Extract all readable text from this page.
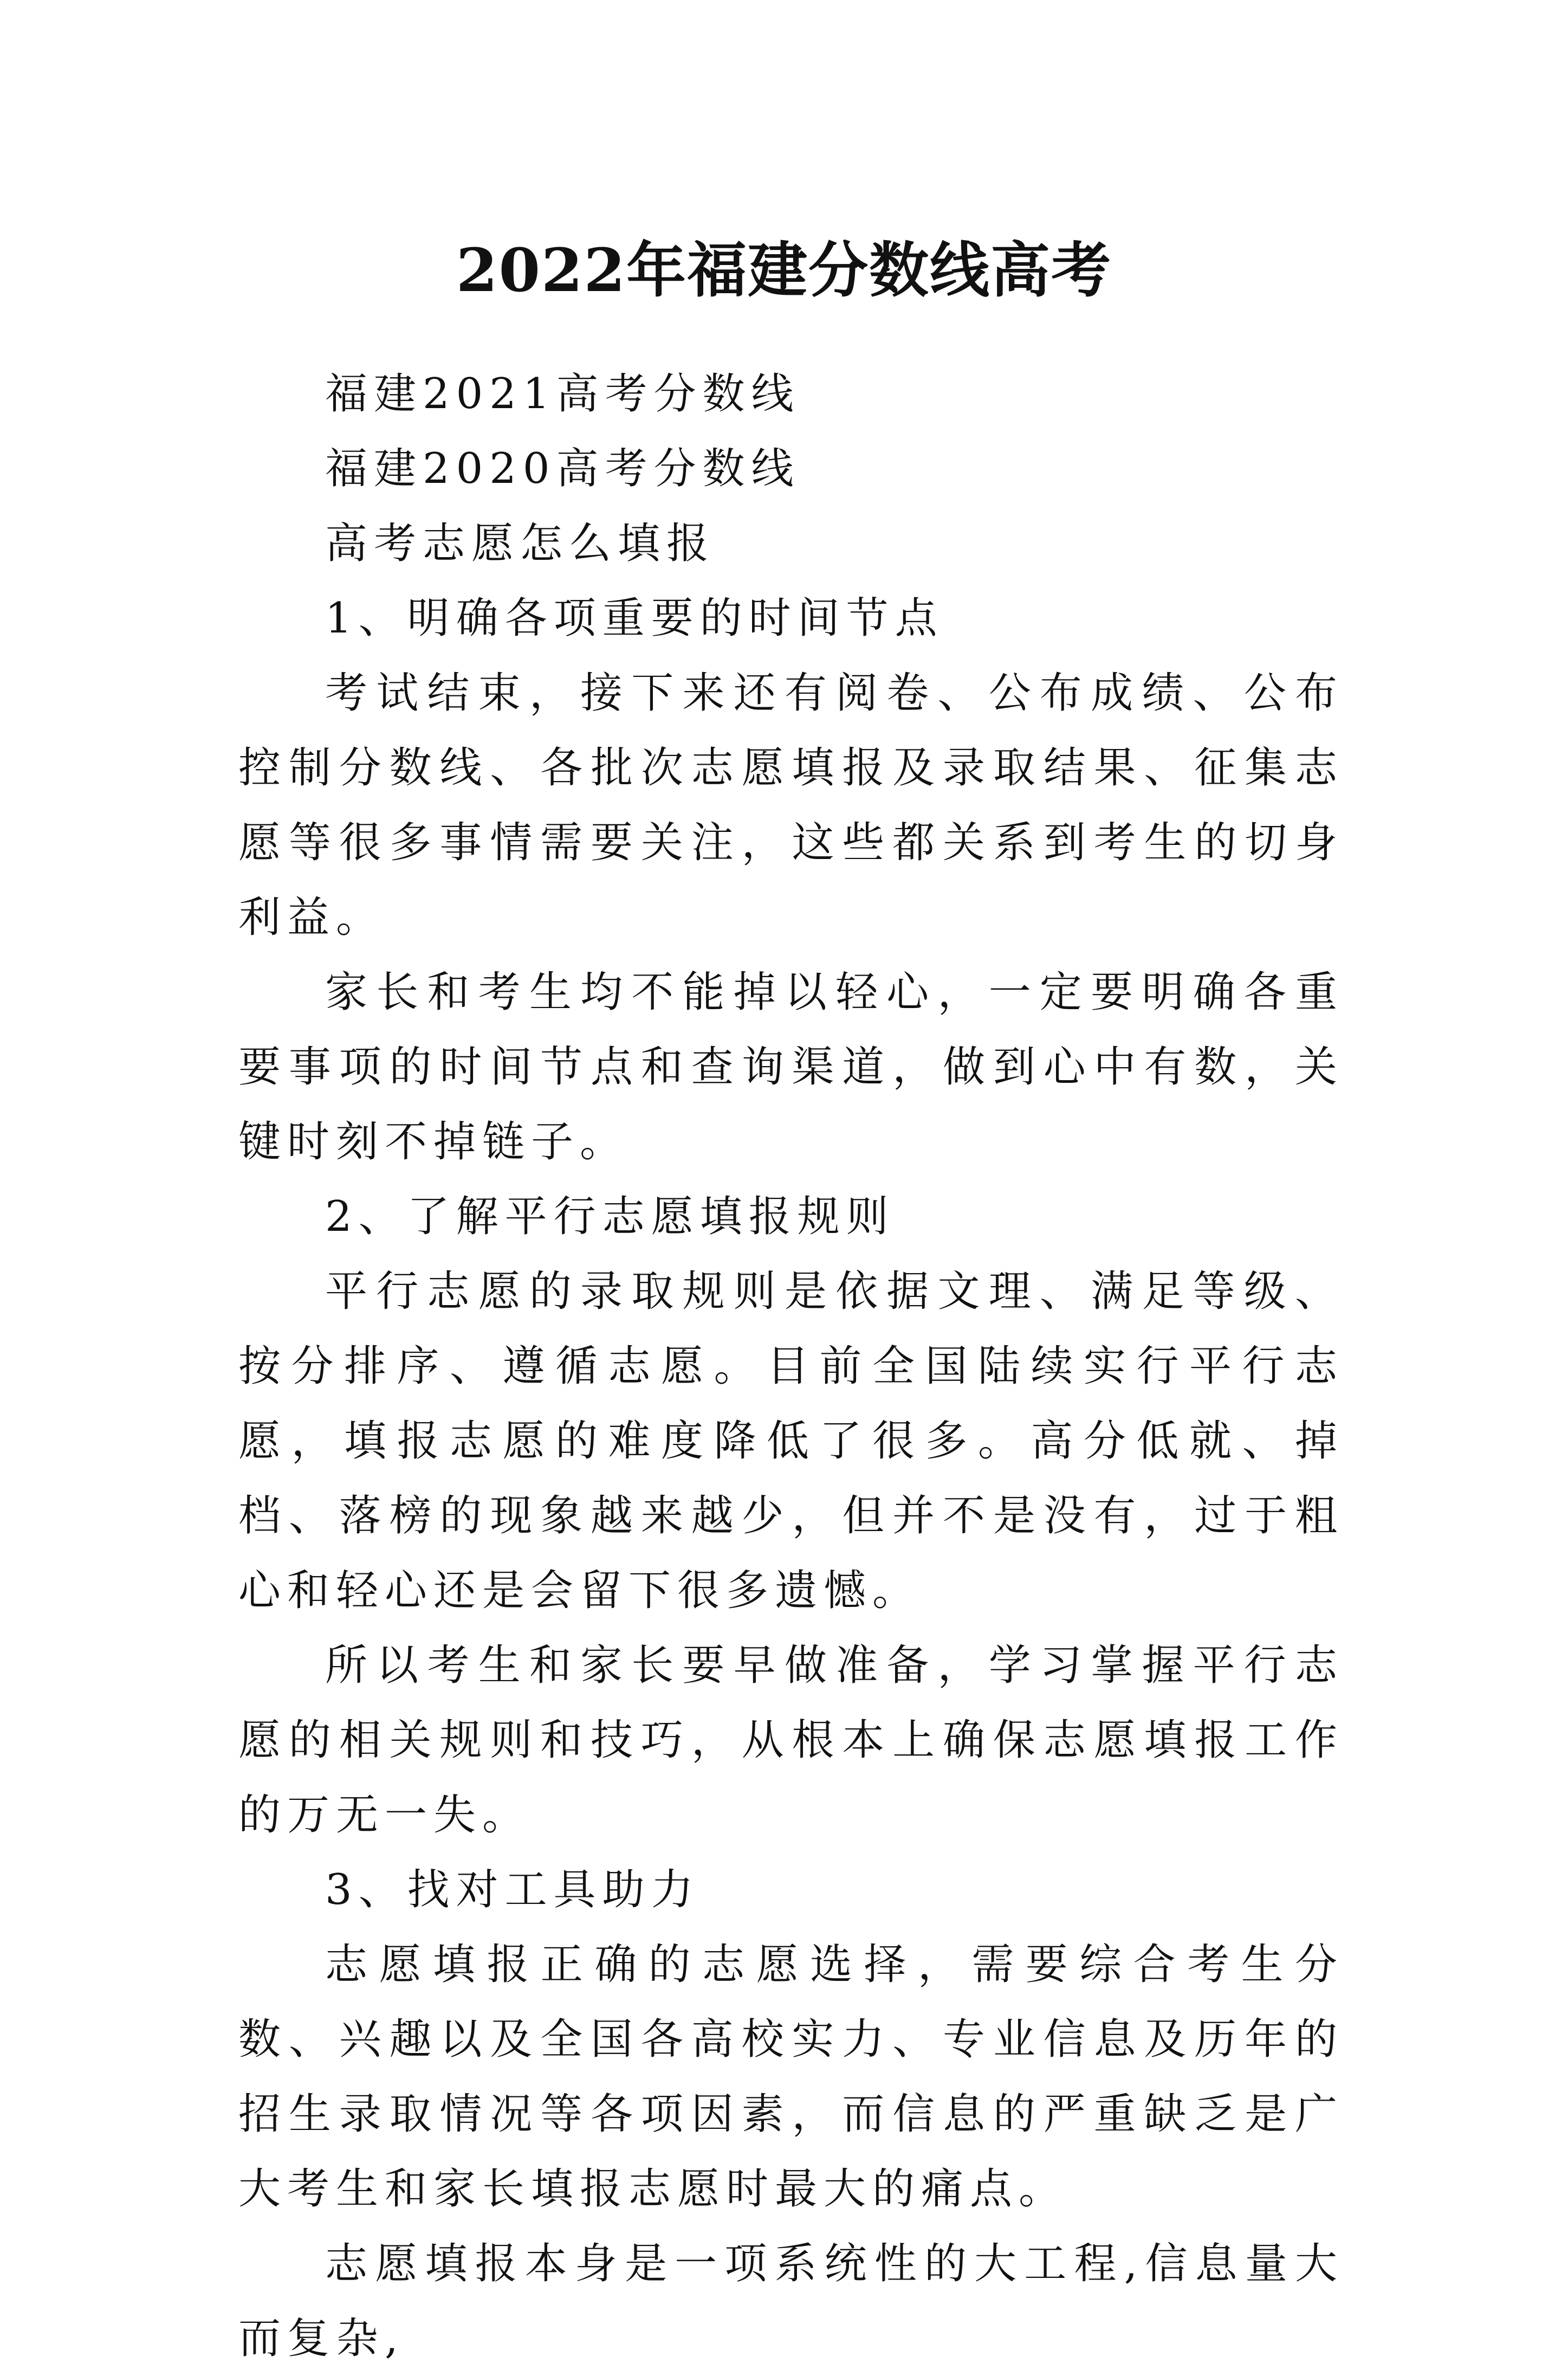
2022年福建分数线高考

福建2021高考分数线

福建2020高考分数线

高考志愿怎么填报

1、明确各项重要的时间节点

考试结束，接下来还有阅卷、公布成绩、公布控制分数线、各批次志愿填报及录取结果、征集志愿等很多事情需要关注，这些都关系到考生的切身利益。

家长和考生均不能掉以轻心，一定要明确各重要事项的时间节点和查询渠道，做到心中有数，关键时刻不掉链子。

2、了解平行志愿填报规则

平行志愿的录取规则是依据文理、满足等级、按分排序、遵循志愿。目前全国陆续实行平行志愿，填报志愿的难度降低了很多。高分低就、掉档、落榜的现象越来越少，但并不是没有，过于粗心和轻心还是会留下很多遗憾。

所以考生和家长要早做准备，学习掌握平行志愿的相关规则和技巧，从根本上确保志愿填报工作的万无一失。

3、找对工具助力

志愿填报正确的志愿选择，需要综合考生分数、兴趣以及全国各高校实力、专业信息及历年的招生录取情况等各项因素，而信息的严重缺乏是广大考生和家长填报志愿时最大的痛点。

志愿填报本身是一项系统性的大工程,信息量大而复杂,
